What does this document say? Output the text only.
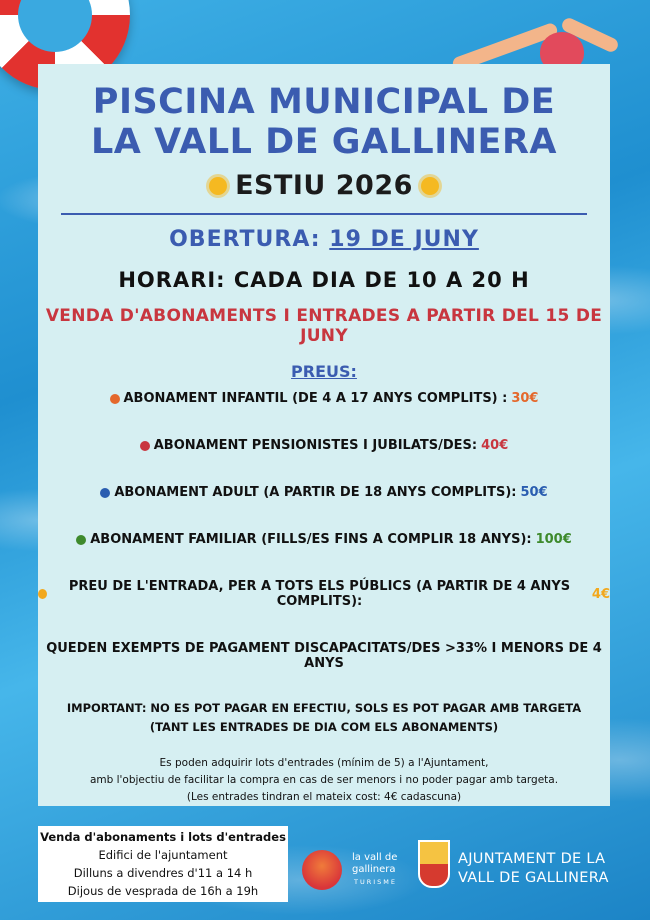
PISCINA MUNICIPAL DE
LA VALL DE GALLINERA
ESTIU 2026
OBERTURA: 19 DE JUNY
HORARI: CADA DIA DE 10 A 20 H
VENDA D'ABONAMENTS I ENTRADES A PARTIR DEL 15 DE JUNY
PREUS:
ABONAMENT INFANTIL (DE 4 A 17 ANYS COMPLITS) : 30€
ABONAMENT PENSIONISTES I JUBILATS/DES: 40€
ABONAMENT ADULT (A PARTIR DE 18 ANYS COMPLITS): 50€
ABONAMENT FAMILIAR (FILLS/ES FINS A COMPLIR 18 ANYS): 100€
PREU DE L'ENTRADA, PER A TOTS ELS PÚBLICS (A PARTIR DE 4 ANYS COMPLITS):	4€
QUEDEN EXEMPTS DE PAGAMENT DISCAPACITATS/DES >33% I MENORS DE 4 ANYS
IMPORTANT: NO ES POT PAGAR EN EFECTIU, SOLS ES POT PAGAR AMB TARGETA
(TANT LES ENTRADES DE DIA COM ELS ABONAMENTS)
Es poden adquirir lots d'entrades (mínim de 5) a l'Ajuntament,
amb l'objectiu de facilitar la compra en cas de ser menors i no poder pagar amb targeta.
(Les entrades tindran el mateix cost: 4€ cadascuna)
Venda d'abonaments i lots d'entrades
Edifici de l'ajuntament
Dilluns a divendres d'11 a 14 h
Dijous de vesprada de 16h a 19h
la vall de
gallinera
TURISME
AJUNTAMENT DE LA
VALL DE GALLINERA
